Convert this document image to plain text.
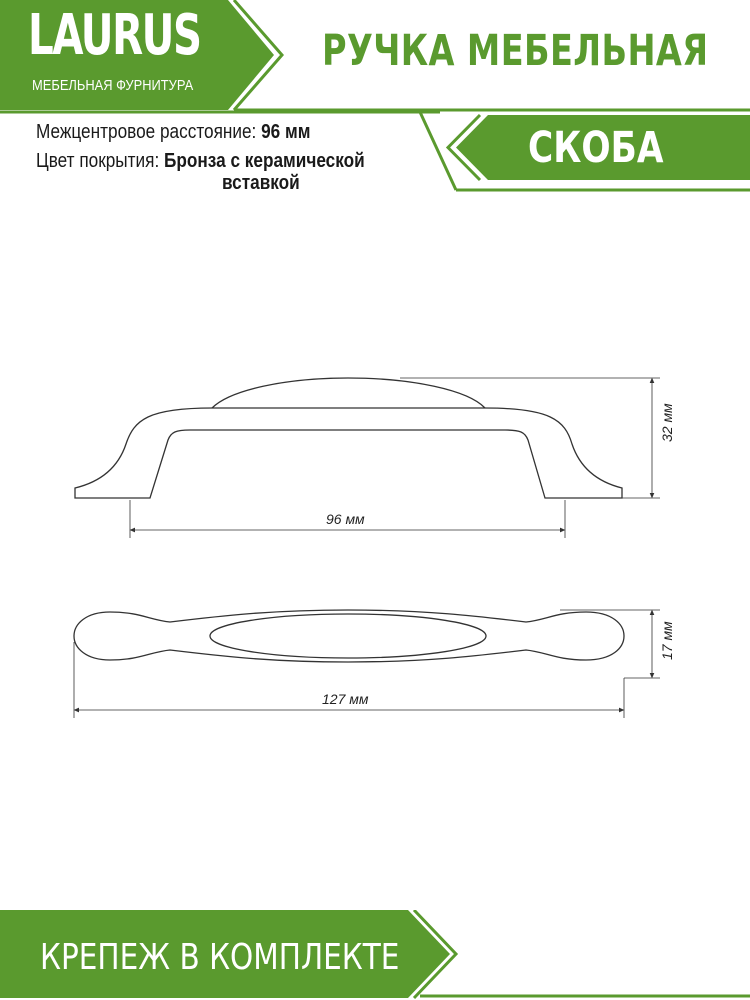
LAURUS
МЕБЕЛЬНАЯ ФУРНИТУРА
РУЧКА МЕБЕЛЬНАЯ
СКОБА
Межцентровое расстояние: 96 мм
Цвет покрытия: Бронза с керамической
вставкой
32 мм
96 мм
17 мм
127 мм
КРЕПЕЖ В КОМПЛЕКТЕ
